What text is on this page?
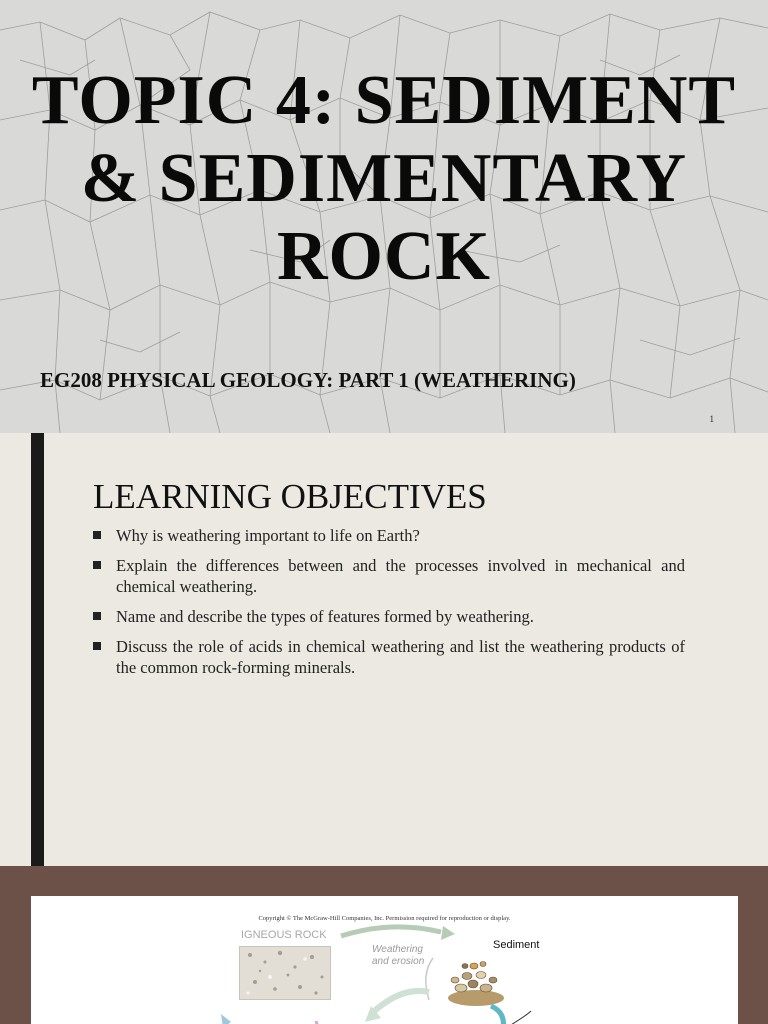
TOPIC 4: SEDIMENT
& SEDIMENTARY
ROCK
EG208 PHYSICAL GEOLOGY: PART 1 (WEATHERING)
1
LEARNING OBJECTIVES
Why is weathering important to life on Earth?
Explain the differences between and the processes involved in mechanical and chemical weathering.
Name and describe the types of features formed by weathering.
Discuss the role of acids in chemical weathering and list the weathering products of the common rock-forming minerals.
Copyright © The McGraw-Hill Companies, Inc. Permission required for reproduction or display.
IGNEOUS ROCK
Weathering
and erosion
Sediment
